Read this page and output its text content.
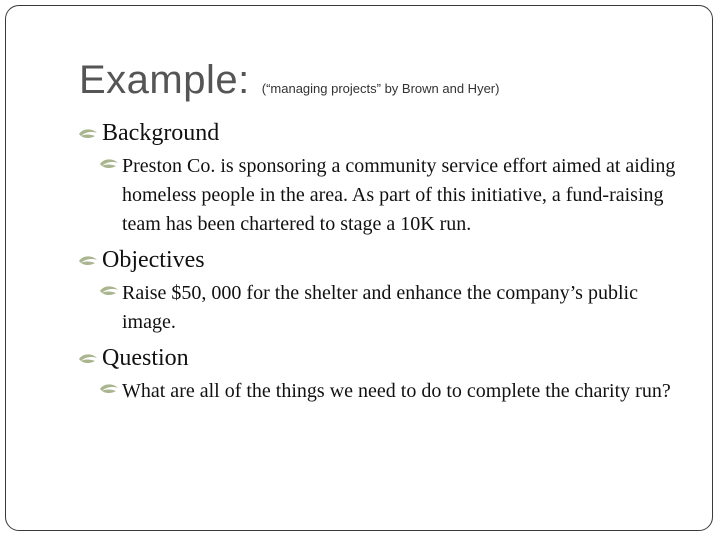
Example: (“managing projects” by Brown and Hyer)
Background
Preston Co. is sponsoring a community service effort aimed at aiding homeless people in the area. As part of this initiative, a fund-raising team has been chartered to stage a 10K run.
Objectives
Raise $50, 000 for the shelter and enhance the company’s public image.
Question
What are all of the things we need to do to complete the charity run?
